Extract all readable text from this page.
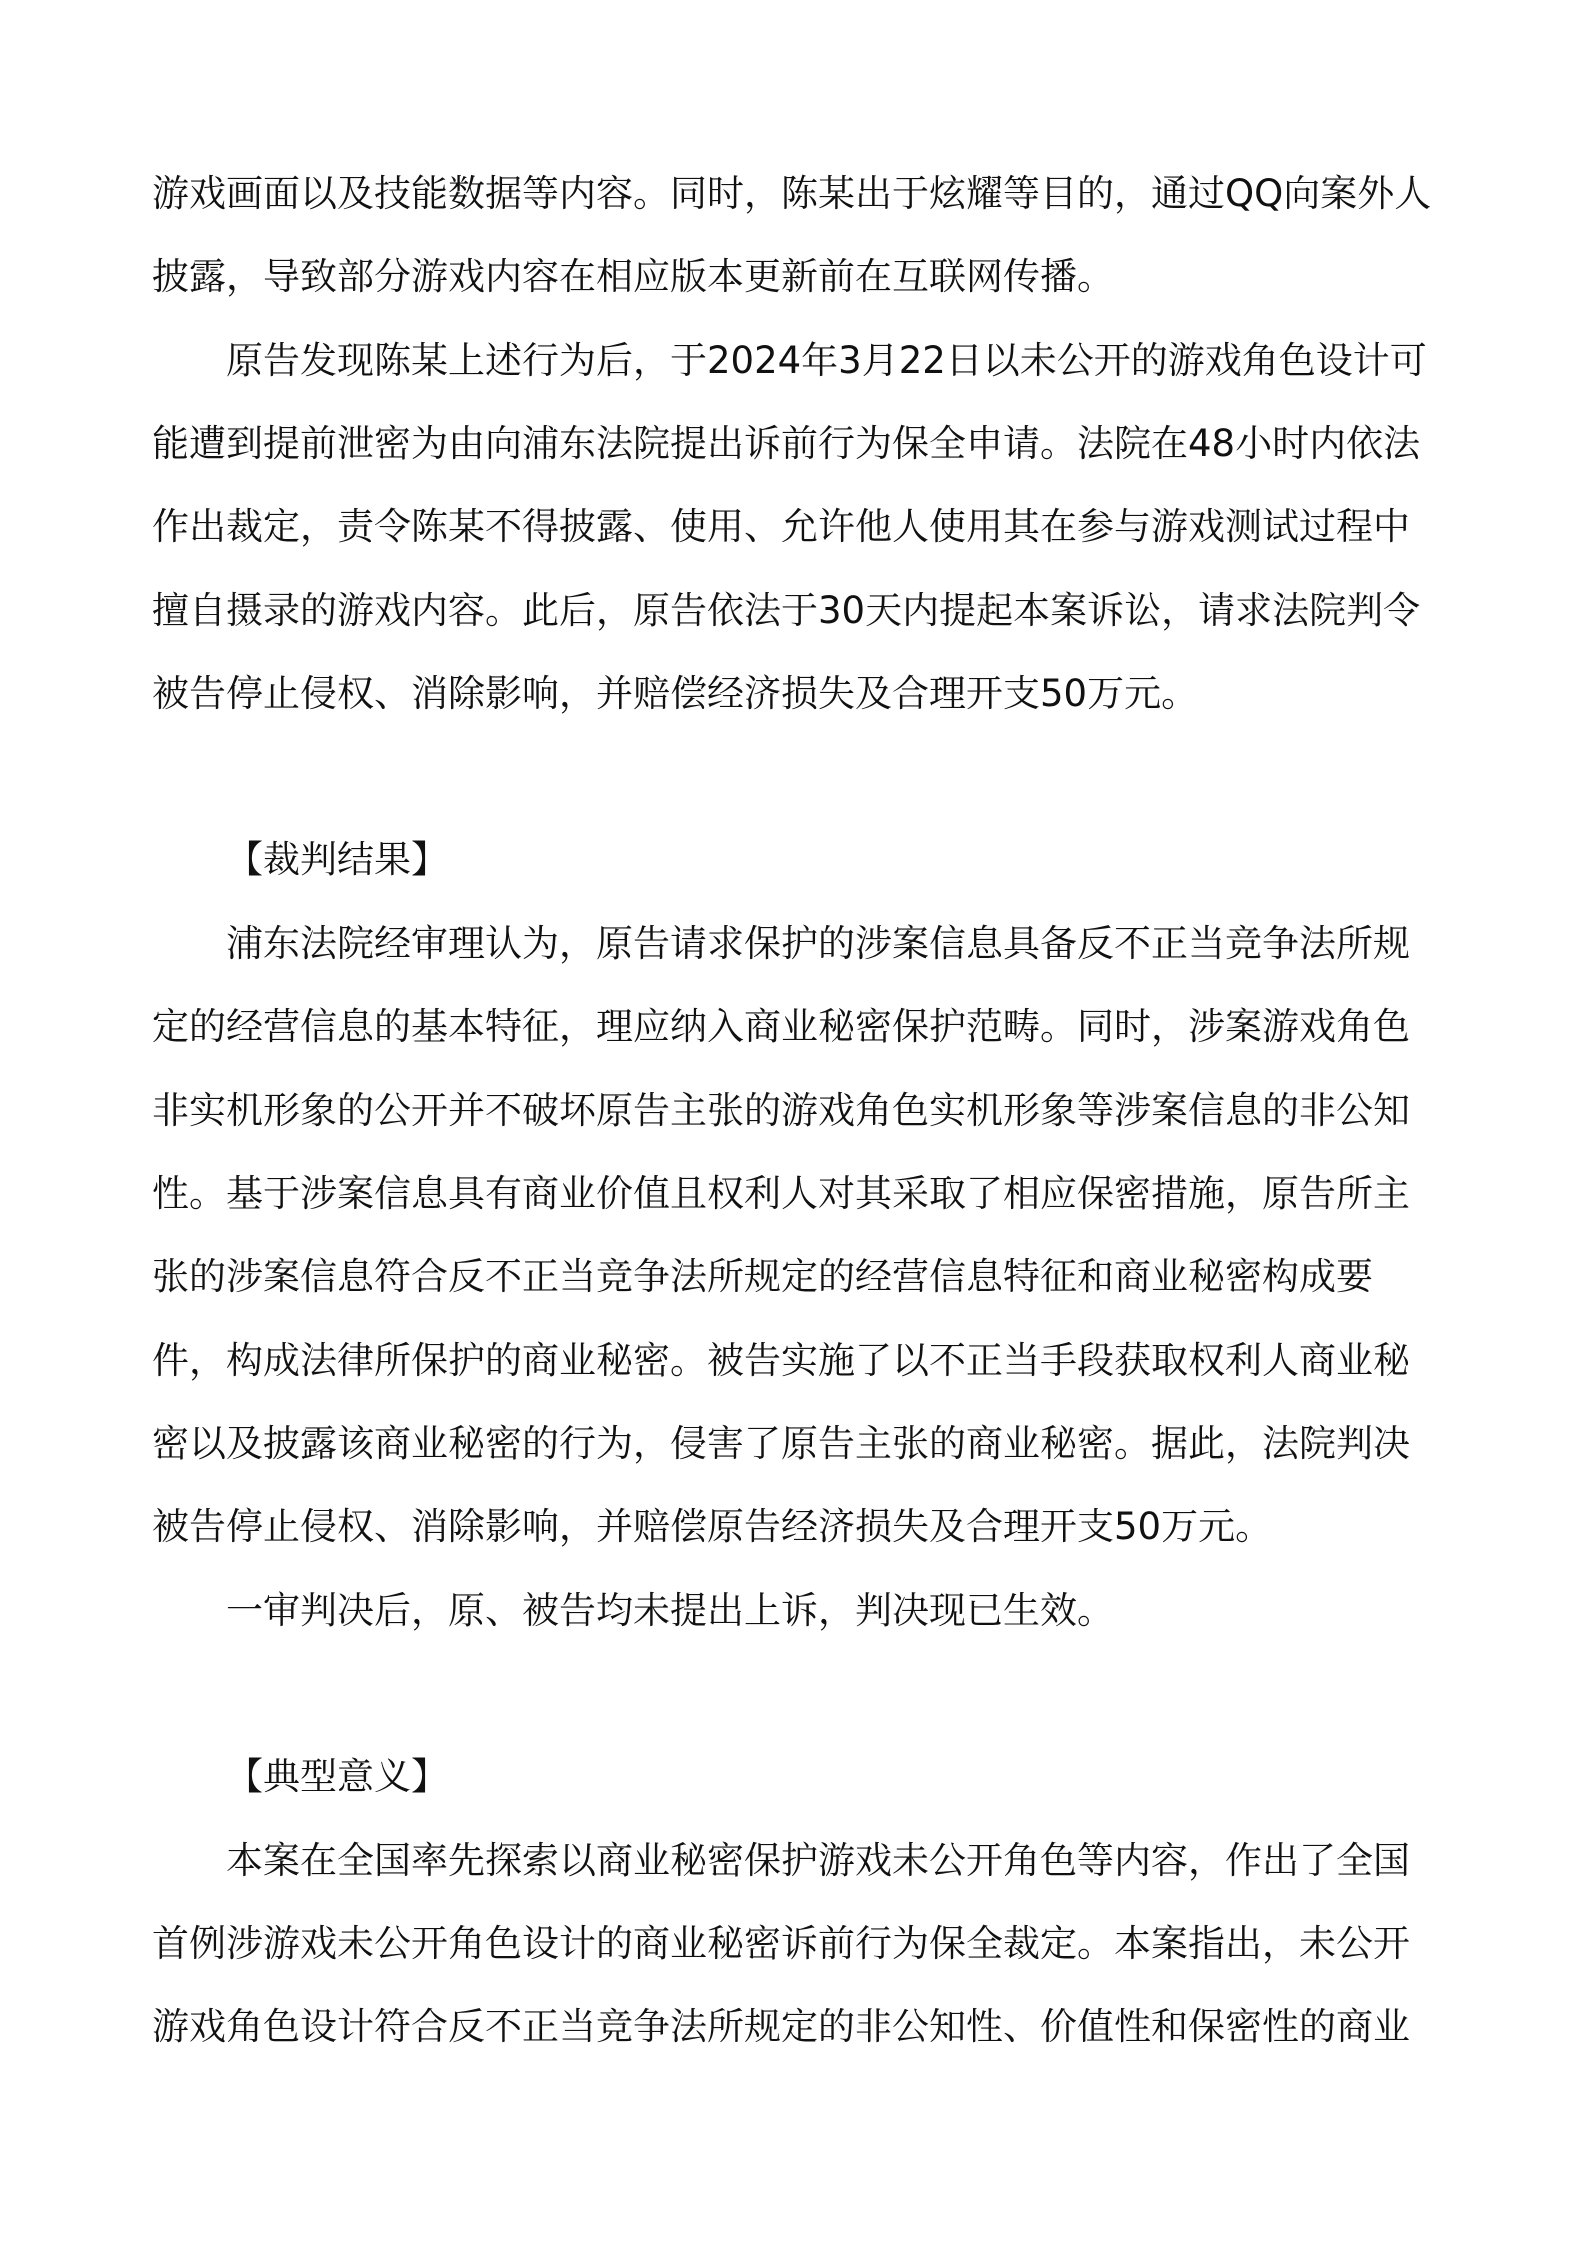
游戏画面以及技能数据等内容。同时，陈某出于炫耀等目的，通过QQ向案外人
披露，导致部分游戏内容在相应版本更新前在互联网传播。
原告发现陈某上述行为后，于2024年3月22日以未公开的游戏角色设计可
能遭到提前泄密为由向浦东法院提出诉前行为保全申请。法院在48小时内依法
作出裁定，责令陈某不得披露、使用、允许他人使用其在参与游戏测试过程中
擅自摄录的游戏内容。此后，原告依法于30天内提起本案诉讼，请求法院判令
被告停止侵权、消除影响，并赔偿经济损失及合理开支50万元。
【裁判结果】
浦东法院经审理认为，原告请求保护的涉案信息具备反不正当竞争法所规
定的经营信息的基本特征，理应纳入商业秘密保护范畴。同时，涉案游戏角色
非实机形象的公开并不破坏原告主张的游戏角色实机形象等涉案信息的非公知
性。基于涉案信息具有商业价值且权利人对其采取了相应保密措施，原告所主
张的涉案信息符合反不正当竞争法所规定的经营信息特征和商业秘密构成要
件，构成法律所保护的商业秘密。被告实施了以不正当手段获取权利人商业秘
密以及披露该商业秘密的行为，侵害了原告主张的商业秘密。据此，法院判决
被告停止侵权、消除影响，并赔偿原告经济损失及合理开支50万元。
一审判决后，原、被告均未提出上诉，判决现已生效。
【典型意义】
本案在全国率先探索以商业秘密保护游戏未公开角色等内容，作出了全国
首例涉游戏未公开角色设计的商业秘密诉前行为保全裁定。本案指出，未公开
游戏角色设计符合反不正当竞争法所规定的非公知性、价值性和保密性的商业
